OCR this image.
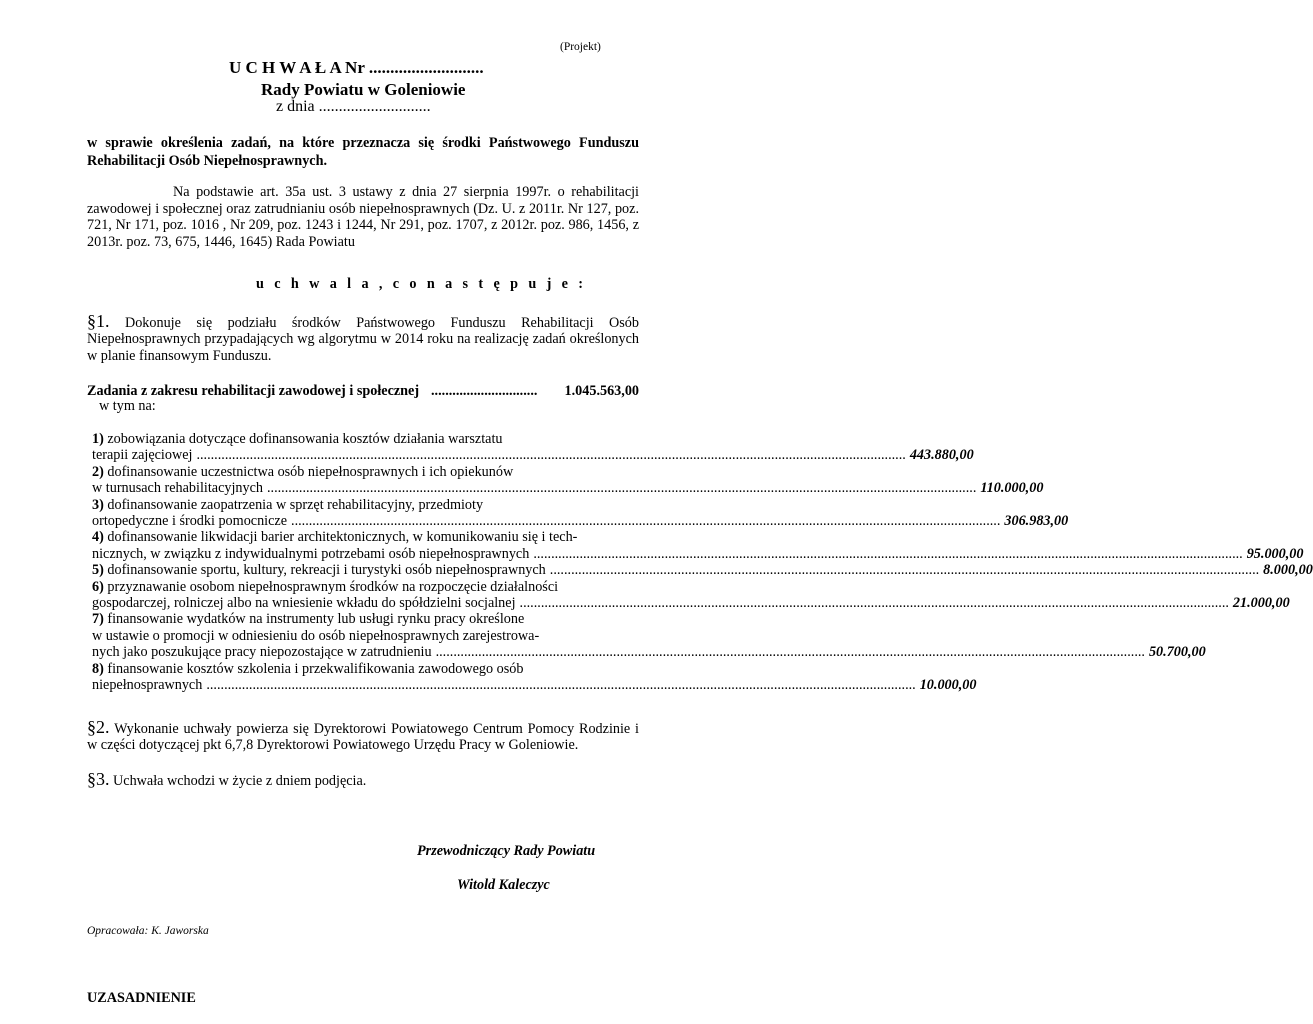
(Projekt)
U C H W A Ł A Nr ...........................
Rady Powiatu w Goleniowie
z dnia ............................
w sprawie określenia zadań, na które przeznacza się środki Państwowego Funduszu Rehabilitacji Osób Niepełnosprawnych.
Na podstawie art. 35a ust. 3 ustawy z dnia 27 sierpnia 1997r. o rehabilitacji zawodowej i społecznej oraz zatrudnianiu osób niepełnosprawnych (Dz. U. z 2011r. Nr 127, poz. 721, Nr 171, poz. 1016 , Nr 209, poz. 1243 i 1244, Nr 291, poz. 1707, z 2012r. poz. 986, 1456, z 2013r. poz. 73, 675, 1446, 1645) Rada Powiatu
u c h w a l a , c o n a s t ę p u j e :
§1. Dokonuje się podziału środków Państwowego Funduszu Rehabilitacji Osób Niepełnosprawnych przypadających wg algorytmu w 2014 roku na realizację zadań określonych w planie finansowym Funduszu.
Zadania z zakresu rehabilitacji zawodowej i społecznej .............................. 1.045.563,00
w tym na:
1) zobowiązania dotyczące dofinansowania kosztów działania warsztatu
terapii zajęciowej ........................................................................................................................................................................................................ 443.880,00
2) dofinansowanie uczestnictwa osób niepełnosprawnych i ich opiekunów
w turnusach rehabilitacyjnych ........................................................................................................................................................................................................ 110.000,00
3) dofinansowanie zaopatrzenia w sprzęt rehabilitacyjny, przedmioty
ortopedyczne i środki pomocnicze ........................................................................................................................................................................................................ 306.983,00
4) dofinansowanie likwidacji barier architektonicznych, w komunikowaniu się i tech-
nicznych, w związku z indywidualnymi potrzebami osób niepełnosprawnych ........................................................................................................................................................................................................ 95.000,00
5) dofinansowanie sportu, kultury, rekreacji i turystyki osób niepełnosprawnych ........................................................................................................................................................................................................ 8.000,00
6) przyznawanie osobom niepełnosprawnym środków na rozpoczęcie działalności
gospodarczej, rolniczej albo na wniesienie wkładu do spółdzielni socjalnej ........................................................................................................................................................................................................ 21.000,00
7) finansowanie wydatków na instrumenty lub usługi rynku pracy określone
w ustawie o promocji w odniesieniu do osób niepełnosprawnych zarejestrowa-
nych jako poszukujące pracy niepozostające w zatrudnieniu ........................................................................................................................................................................................................ 50.700,00
8) finansowanie kosztów szkolenia i przekwalifikowania zawodowego osób
niepełnosprawnych ........................................................................................................................................................................................................ 10.000,00
§2. Wykonanie uchwały powierza się Dyrektorowi Powiatowego Centrum Pomocy Rodzinie i w części dotyczącej pkt 6,7,8 Dyrektorowi Powiatowego Urzędu Pracy w Goleniowie.
§3. Uchwała wchodzi w życie z dniem podjęcia.
Przewodniczący Rady Powiatu
Witold Kaleczyc
Opracowała: K. Jaworska
UZASADNIENIE
